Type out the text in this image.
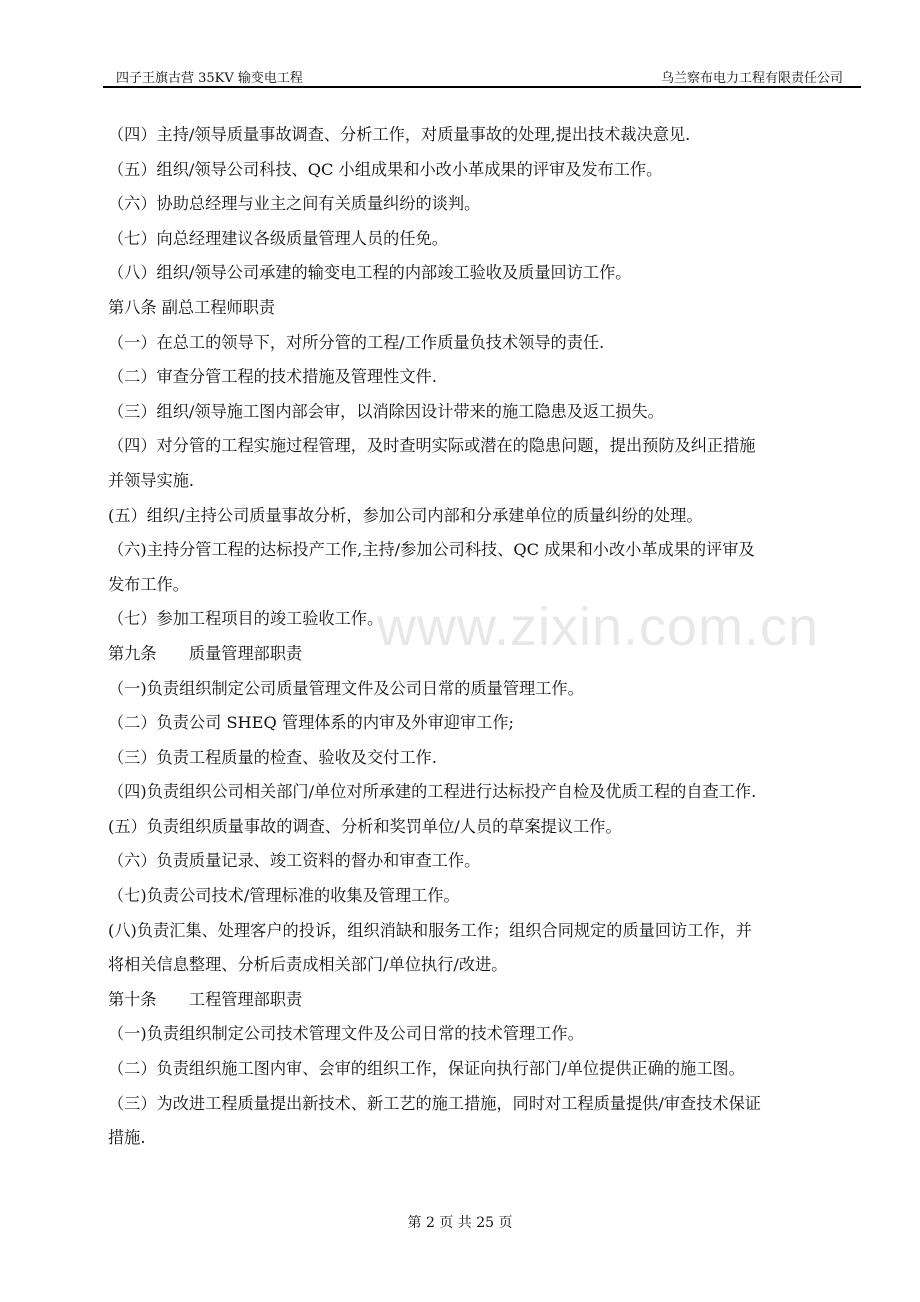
四子王旗古营 35KV 输变电工程	乌兰察布电力工程有限责任公司
www.zixin.com.cn
（四）主持/领导质量事故调查、分析工作，对质量事故的处理,提出技术裁决意见.
（五）组织/领导公司科技、QC 小组成果和小改小革成果的评审及发布工作。
（六）协助总经理与业主之间有关质量纠纷的谈判。
（七）向总经理建议各级质量管理人员的任免。
（八）组织/领导公司承建的输变电工程的内部竣工验收及质量回访工作。
第八条 副总工程师职责
（一）在总工的领导下，对所分管的工程/工作质量负技术领导的责任.
（二）审查分管工程的技术措施及管理性文件.
（三）组织/领导施工图内部会审，以消除因设计带来的施工隐患及返工损失。
（四）对分管的工程实施过程管理，及时查明实际或潜在的隐患问题，提出预防及纠正措施
并领导实施.
(五）组织/主持公司质量事故分析，参加公司内部和分承建单位的质量纠纷的处理。
（六)主持分管工程的达标投产工作,主持/参加公司科技、QC 成果和小改小革成果的评审及
发布工作。
（七）参加工程项目的竣工验收工作。
第九条　　质量管理部职责
（一)负责组织制定公司质量管理文件及公司日常的质量管理工作。
（二）负责公司 SHEQ 管理体系的内审及外审迎审工作;
（三）负责工程质量的检查、验收及交付工作.
（四)负责组织公司相关部门/单位对所承建的工程进行达标投产自检及优质工程的自查工作.
(五）负责组织质量事故的调查、分析和奖罚单位/人员的草案提议工作。
（六）负责质量记录、竣工资料的督办和审查工作。
（七)负责公司技术/管理标准的收集及管理工作。
(八)负责汇集、处理客户的投诉，组织消缺和服务工作；组织合同规定的质量回访工作，并
将相关信息整理、分析后责成相关部门/单位执行/改进。
第十条　　工程管理部职责
（一)负责组织制定公司技术管理文件及公司日常的技术管理工作。
（二）负责组织施工图内审、会审的组织工作，保证向执行部门/单位提供正确的施工图。
（三）为改进工程质量提出新技术、新工艺的施工措施，同时对工程质量提供/审查技术保证
措施.
第 2 页 共 25 页
